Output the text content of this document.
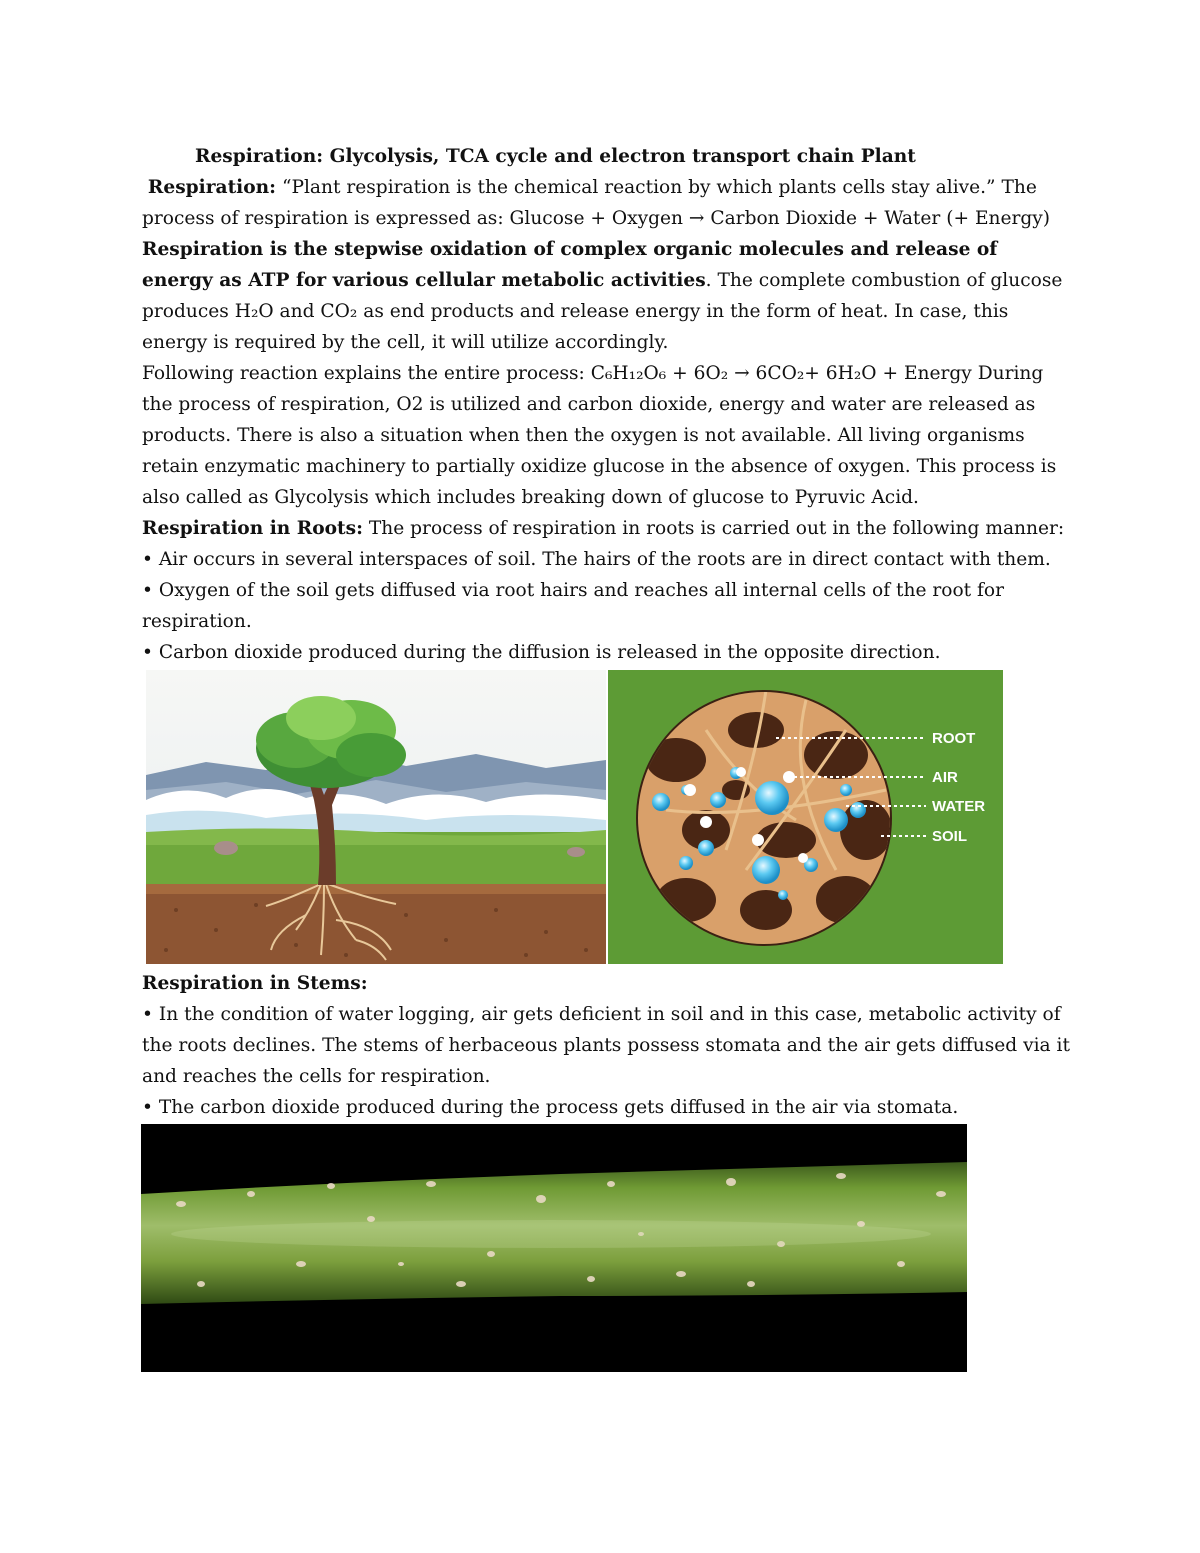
Respiration: Glycolysis, TCA cycle and electron transport chain Plant

Respiration: “Plant respiration is the chemical reaction by which plants cells stay alive.” The process of respiration is expressed as: Glucose + Oxygen → Carbon Dioxide + Water (+ Energy)

Respiration is the stepwise oxidation of complex organic molecules and release of energy as ATP for various cellular metabolic activities. The complete combustion of glucose produces H₂O and CO₂ as end products and release energy in the form of heat. In case, this energy is required by the cell, it will utilize accordingly.

Following reaction explains the entire process: C₆H₁₂O₆ + 6O₂ → 6CO₂+ 6H₂O + Energy During the process of respiration, O2 is utilized and carbon dioxide, energy and water are released as products. There is also a situation when then the oxygen is not available. All living organisms retain enzymatic machinery to partially oxidize glucose in the absence of oxygen. This process is also called as Glycolysis which includes breaking down of glucose to Pyruvic Acid.

Respiration in Roots: The process of respiration in roots is carried out in the following manner:

• Air occurs in several interspaces of soil. The hairs of the roots are in direct contact with them.

• Oxygen of the soil gets diffused via root hairs and reaches all internal cells of the root for respiration.

• Carbon dioxide produced during the diffusion is released in the opposite direction.

ROOT
AIR
WATER
SOIL

Respiration in Stems:

• In the condition of water logging, air gets deficient in soil and in this case, metabolic activity of the roots declines. The stems of herbaceous plants possess stomata and the air gets diffused via it and reaches the cells for respiration.

• The carbon dioxide produced during the process gets diffused in the air via stomata.
